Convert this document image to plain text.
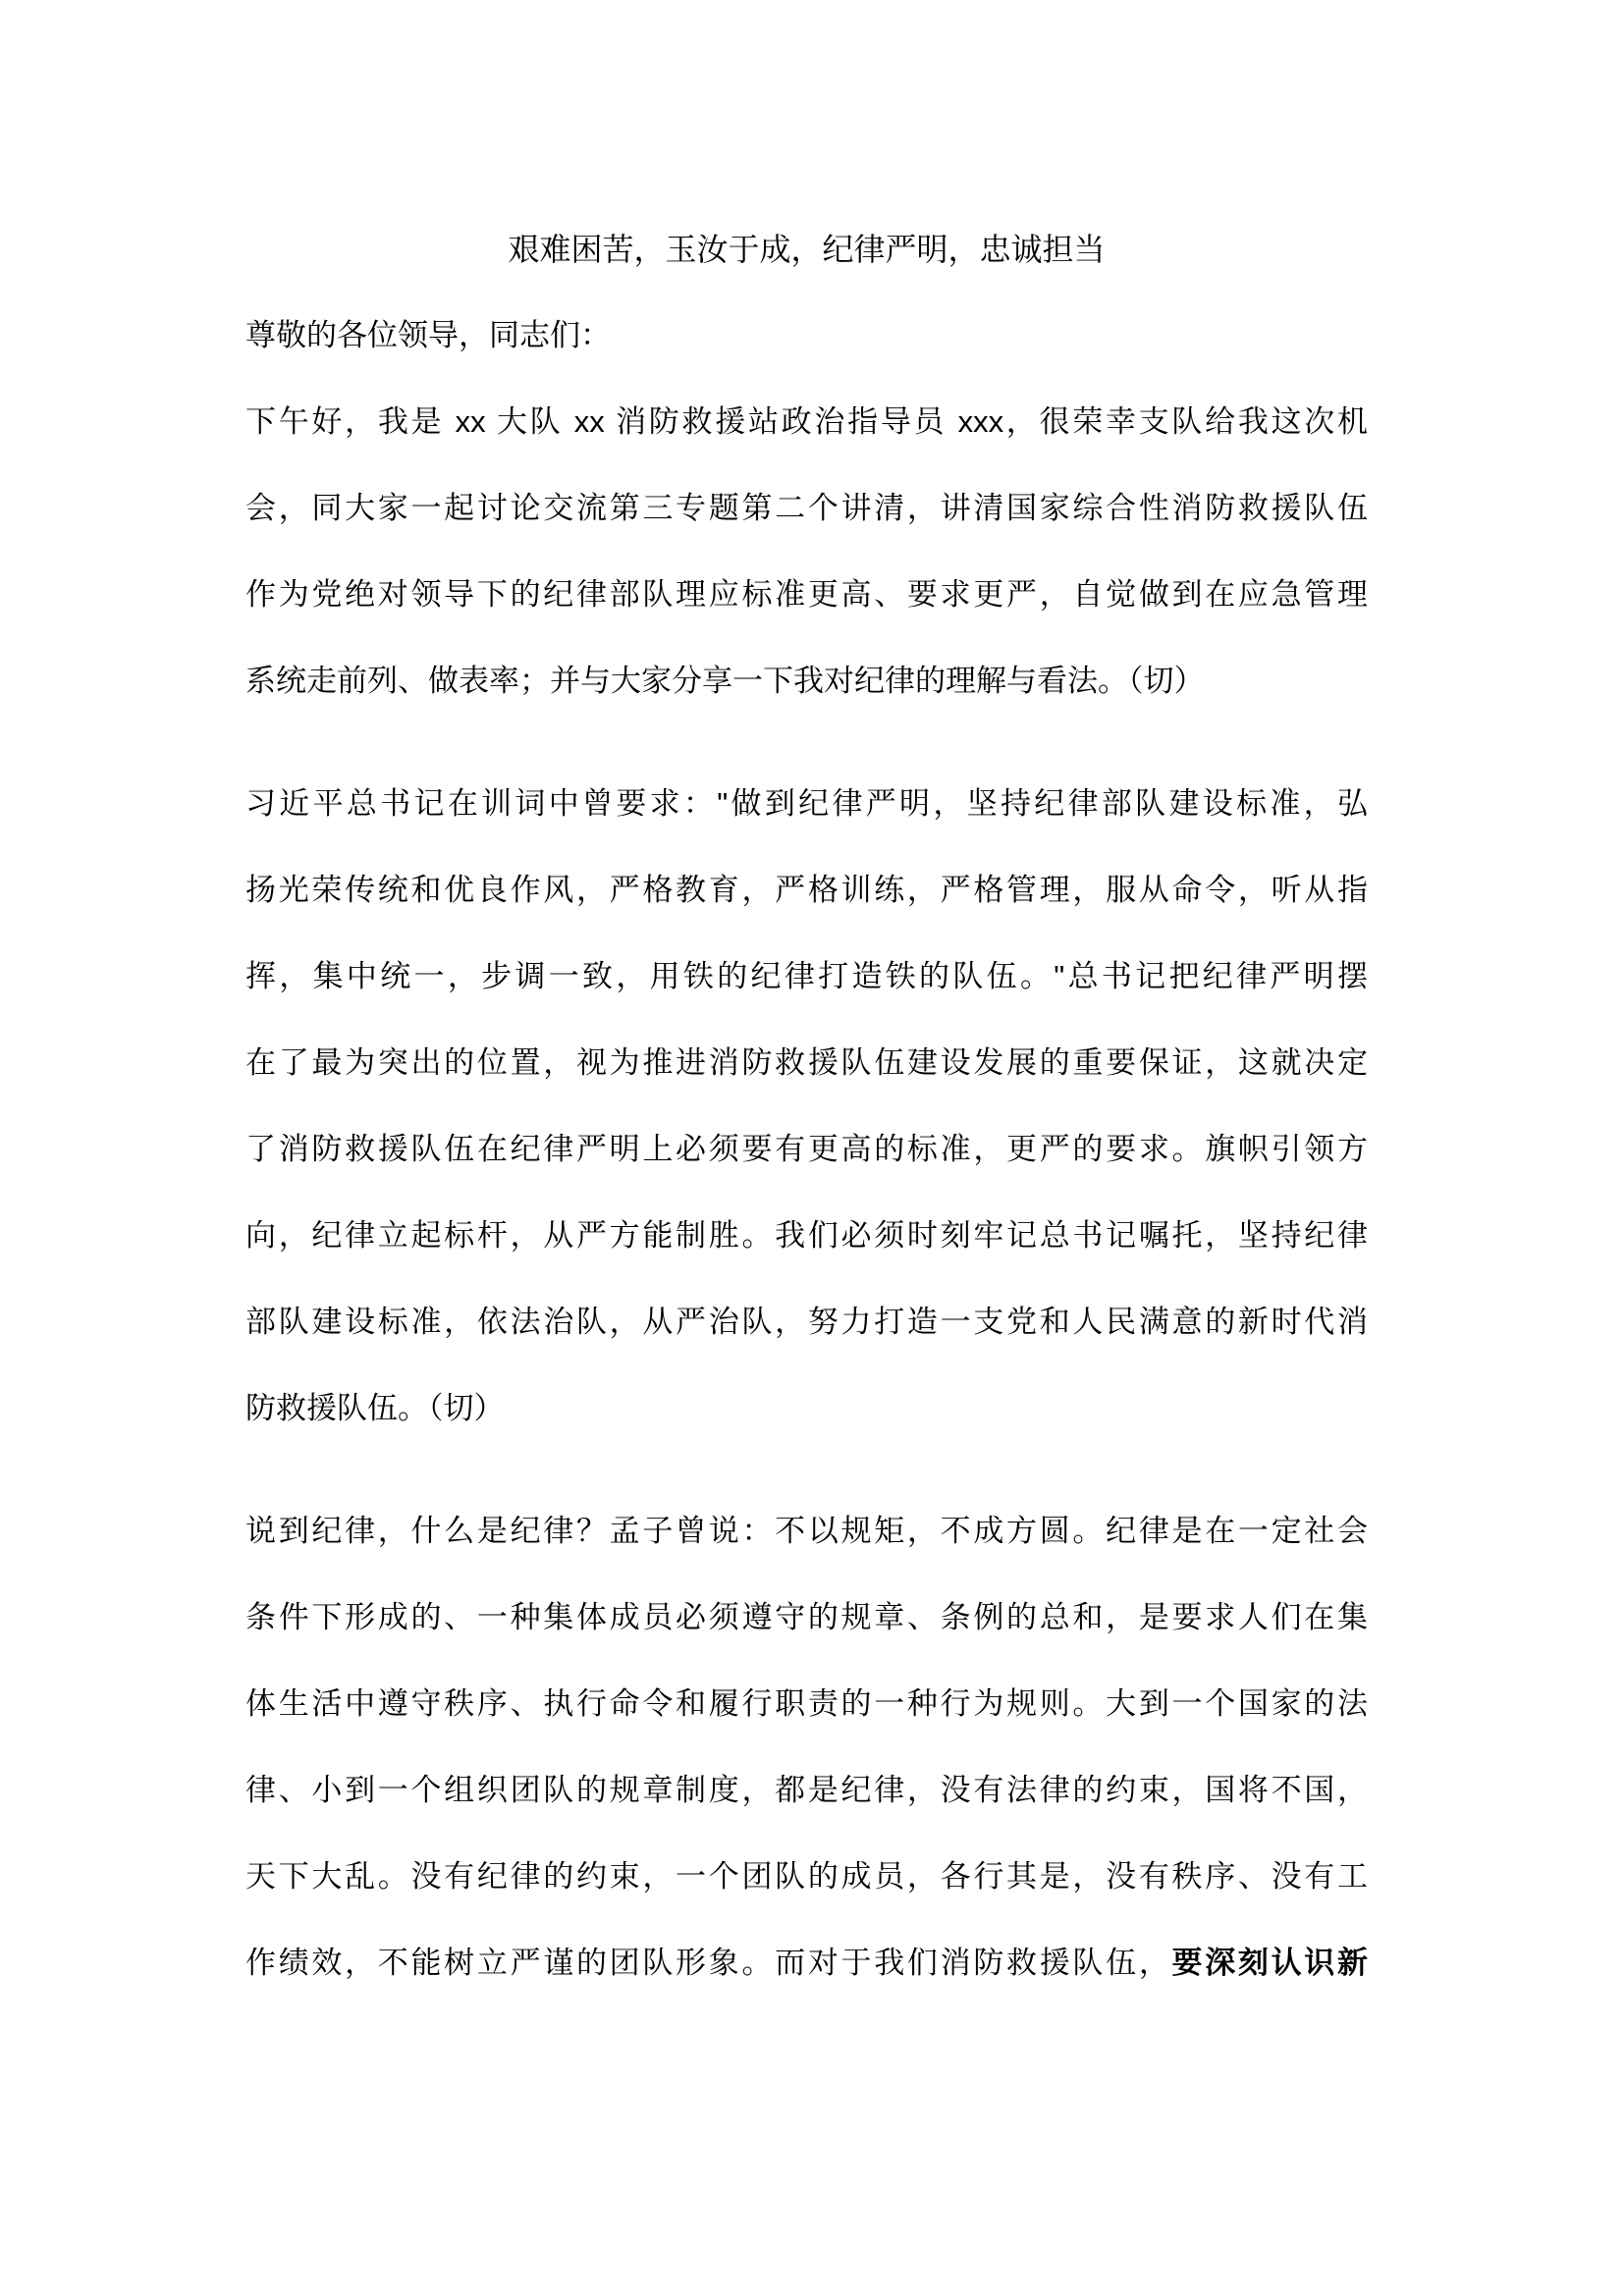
艰难困苦，玉汝于成，纪律严明，忠诚担当
尊敬的各位领导，同志们：
下午好，我是 xx 大队 xx 消防救援站政治指导员 xxx，很荣幸支队给我这次机
会，同大家一起讨论交流第三专题第二个讲清，讲清国家综合性消防救援队伍
作为党绝对领导下的纪律部队理应标准更高、要求更严，自觉做到在应急管理
系统走前列、做表率；并与大家分享一下我对纪律的理解与看法。（切）
习近平总书记在训词中曾要求："做到纪律严明，坚持纪律部队建设标准，弘
扬光荣传统和优良作风，严格教育，严格训练，严格管理，服从命令，听从指
挥，集中统一，步调一致，用铁的纪律打造铁的队伍。"总书记把纪律严明摆
在了最为突出的位置，视为推进消防救援队伍建设发展的重要保证，这就决定
了消防救援队伍在纪律严明上必须要有更高的标准，更严的要求。旗帜引领方
向，纪律立起标杆，从严方能制胜。我们必须时刻牢记总书记嘱托，坚持纪律
部队建设标准，依法治队，从严治队，努力打造一支党和人民满意的新时代消
防救援队伍。（切）
说到纪律，什么是纪律？孟子曾说：不以规矩，不成方圆。纪律是在一定社会
条件下形成的、一种集体成员必须遵守的规章、条例的总和，是要求人们在集
体生活中遵守秩序、执行命令和履行职责的一种行为规则。大到一个国家的法
律、小到一个组织团队的规章制度，都是纪律，没有法律的约束，国将不国，
天下大乱。没有纪律的约束，一个团队的成员，各行其是，没有秩序、没有工
作绩效，不能树立严谨的团队形象。而对于我们消防救援队伍，要深刻认识新
